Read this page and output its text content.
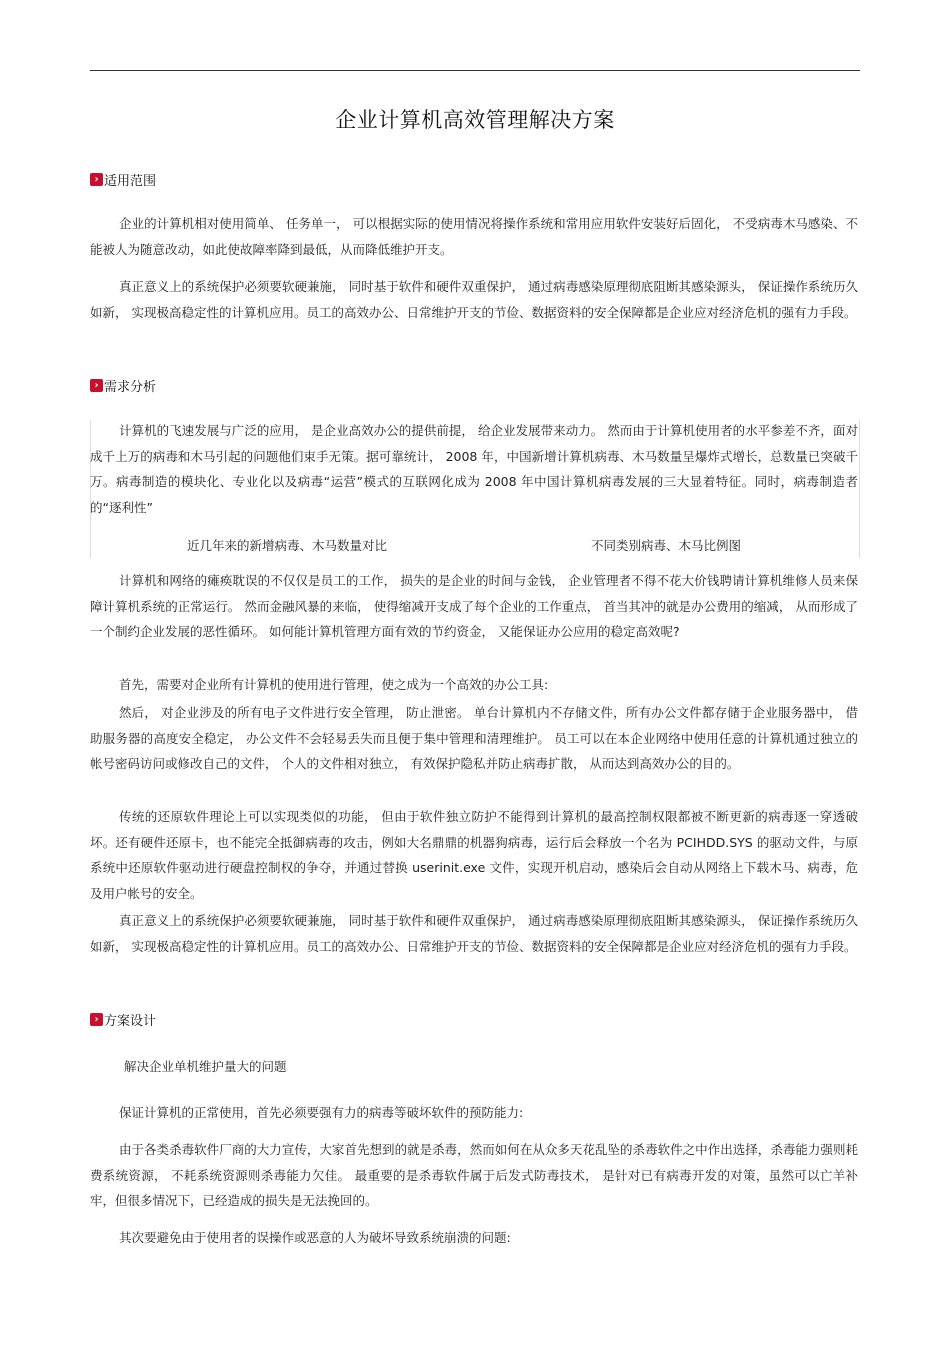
企业计算机高效管理解决方案
› 适用范围

企业的计算机相对使用简单、 任务单一， 可以根据实际的使用情况将操作系统和常用应用软件安装好后固化， 不受病毒木马感染、不能被人为随意改动，如此使故障率降到最低，从而降低维护开支。

真正意义上的系统保护必须要软硬兼施， 同时基于软件和硬件双重保护， 通过病毒感染原理彻底阻断其感染源头， 保证操作系统历久如新， 实现极高稳定性的计算机应用。员工的高效办公、日常维护开支的节俭、数据资料的安全保障都是企业应对经济危机的强有力手段。

› 需求分析

计算机的飞速发展与广泛的应用， 是企业高效办公的提供前提， 给企业发展带来动力。 然而由于计算机使用者的水平参差不齐，面对成千上万的病毒和木马引起的问题他们束手无策。据可靠统计， 2008 年，中国新增计算机病毒、木马数量呈爆炸式增长，总数量已突破千万。病毒制造的模块化、专业化以及病毒“运营”模式的互联网化成为 2008 年中国计算机病毒发展的三大显着特征。同时，病毒制造者的“逐利性”

近几年来的新增病毒、木马数量对比	不同类别病毒、木马比例图

计算机和网络的瘫痪耽误的不仅仅是员工的工作， 损失的是企业的时间与金钱， 企业管理者不得不花大价钱聘请计算机维修人员来保障计算机系统的正常运行。 然而金融风暴的来临， 使得缩减开支成了每个企业的工作重点， 首当其冲的就是办公费用的缩减， 从而形成了一个制约企业发展的恶性循环。 如何能计算机管理方面有效的节约资金， 又能保证办公应用的稳定高效呢?

首先，需要对企业所有计算机的使用进行管理，使之成为一个高效的办公工具:

然后， 对企业涉及的所有电子文件进行安全管理， 防止泄密。 单台计算机内不存储文件，所有办公文件都存储于企业服务器中， 借助服务器的高度安全稳定， 办公文件不会轻易丢失而且便于集中管理和清理维护。 员工可以在本企业网络中使用任意的计算机通过独立的帐号密码访问或修改自己的文件， 个人的文件相对独立， 有效保护隐私并防止病毒扩散， 从而达到高效办公的目的。

传统的还原软件理论上可以实现类似的功能， 但由于软件独立防护不能得到计算机的最高控制权限都被不断更新的病毒逐一穿透破坏。还有硬件还原卡，也不能完全抵御病毒的攻击，例如大名鼎鼎的机器狗病毒，运行后会释放一个名为 PCIHDD.SYS 的驱动文件，与原系统中还原软件驱动进行硬盘控制权的争夺，并通过替换 userinit.exe 文件，实现开机启动，感染后会自动从网络上下载木马、病毒，危及用户帐号的安全。

真正意义上的系统保护必须要软硬兼施， 同时基于软件和硬件双重保护， 通过病毒感染原理彻底阻断其感染源头， 保证操作系统历久如新， 实现极高稳定性的计算机应用。员工的高效办公、日常维护开支的节俭、数据资料的安全保障都是企业应对经济危机的强有力手段。

› 方案设计
解决企业单机维护量大的问题

保证计算机的正常使用，首先必须要强有力的病毒等破坏软件的预防能力:

由于各类杀毒软件厂商的大力宣传，大家首先想到的就是杀毒，然而如何在从众多天花乱坠的杀毒软件之中作出选择，杀毒能力强则耗费系统资源， 不耗系统资源则杀毒能力欠佳。 最重要的是杀毒软件属于后发式防毒技术， 是针对已有病毒开发的对策，虽然可以亡羊补牢，但很多情况下，已经造成的损失是无法挽回的。

其次要避免由于使用者的误操作或恶意的人为破坏导致系统崩溃的问题:
